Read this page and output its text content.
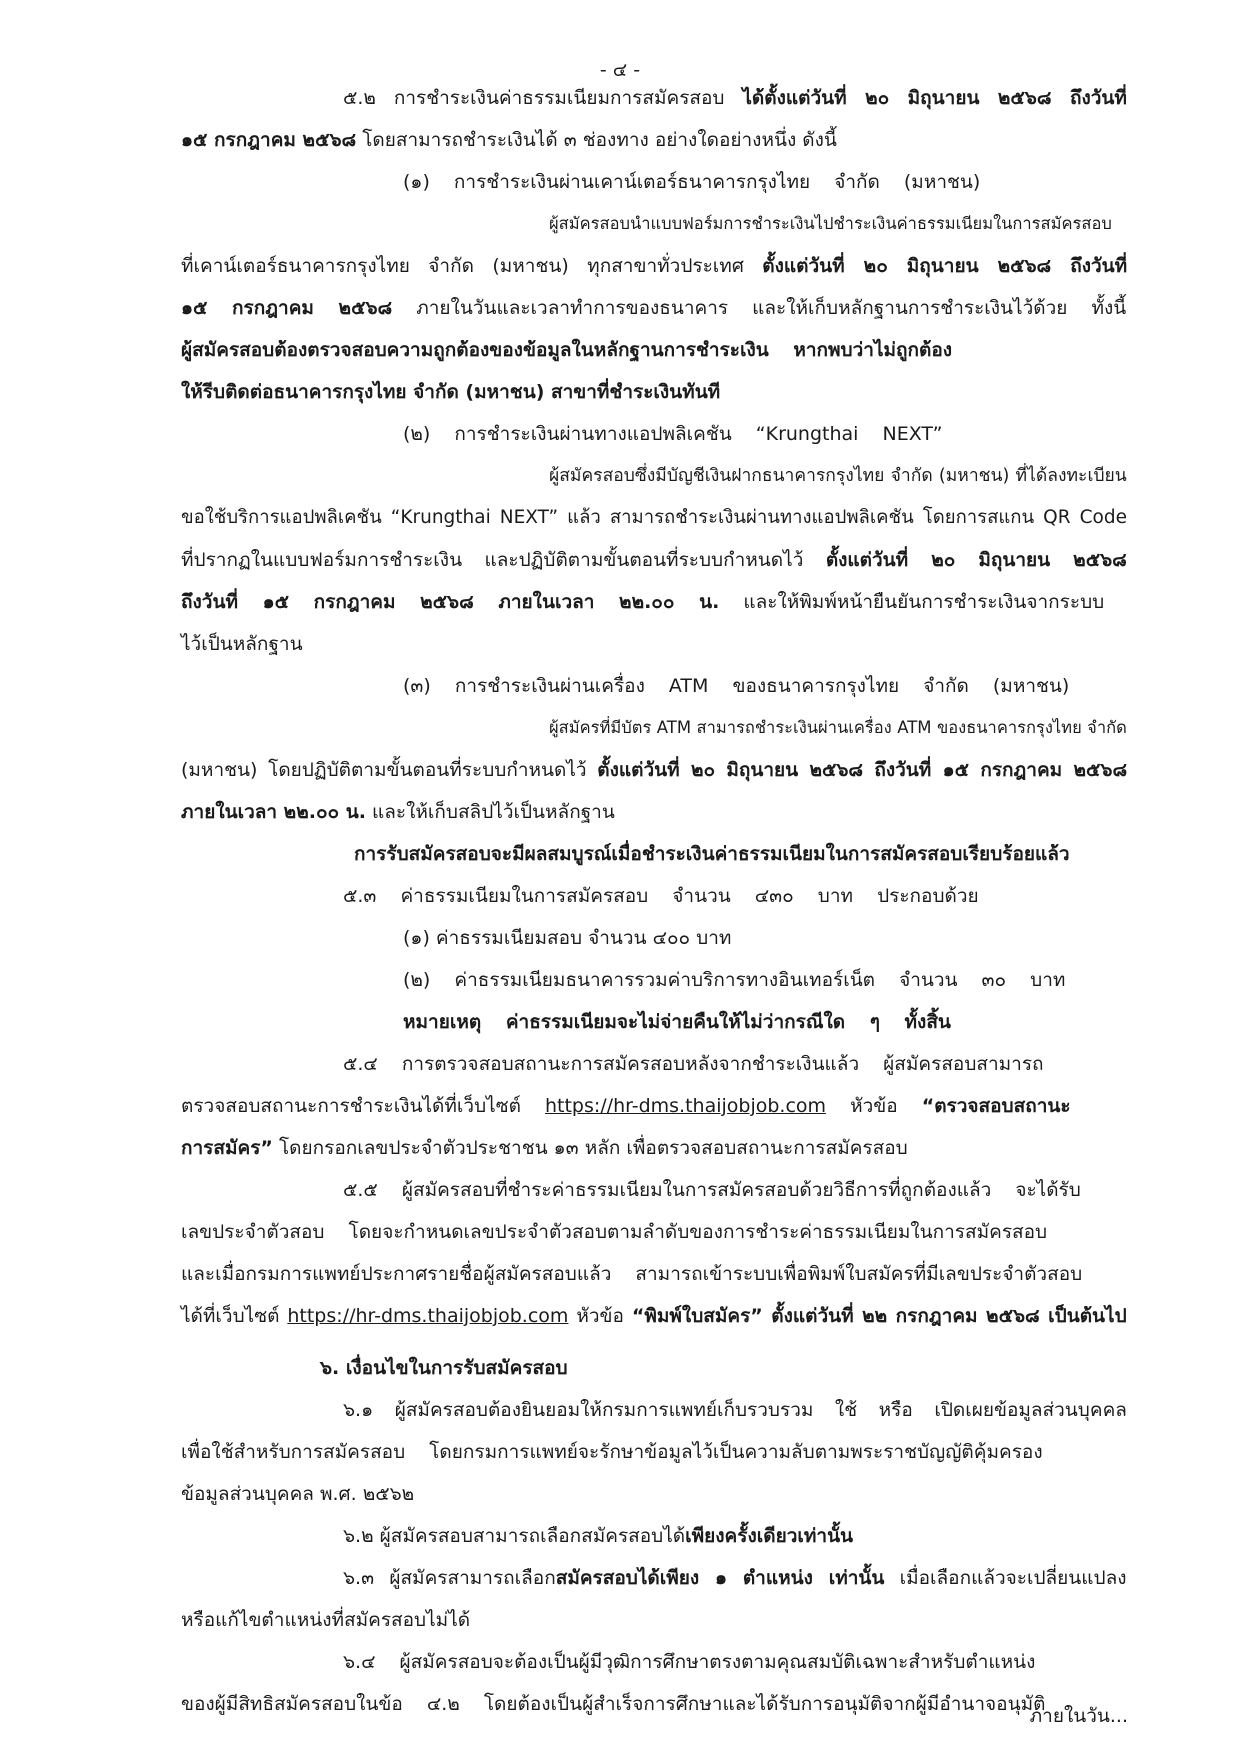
- ๔ -
๕.๒ การชำระเงินค่าธรรมเนียมการสมัครสอบ ได้ตั้งแต่วันที่ ๒๐ มิถุนายน ๒๕๖๘ ถึงวันที่
๑๕ กรกฎาคม ๒๕๖๘ โดยสามารถชำระเงินได้ ๓ ช่องทาง อย่างใดอย่างหนึ่ง ดังนี้
(๑) การชำระเงินผ่านเคาน์เตอร์ธนาคารกรุงไทย จำกัด (มหาชน)
ผู้สมัครสอบนำแบบฟอร์มการชำระเงินไปชำระเงินค่าธรรมเนียมในการสมัครสอบ
ที่เคาน์เตอร์ธนาคารกรุงไทย จำกัด (มหาชน) ทุกสาขาทั่วประเทศ ตั้งแต่วันที่ ๒๐ มิถุนายน ๒๕๖๘ ถึงวันที่
๑๕ กรกฎาคม ๒๕๖๘ ภายในวันและเวลาทำการของธนาคาร และให้เก็บหลักฐานการชำระเงินไว้ด้วย ทั้งนี้
ผู้สมัครสอบต้องตรวจสอบความถูกต้องของข้อมูลในหลักฐานการชำระเงิน หากพบว่าไม่ถูกต้อง
ให้รีบติดต่อธนาคารกรุงไทย จำกัด (มหาชน) สาขาที่ชำระเงินทันที
(๒) การชำระเงินผ่านทางแอปพลิเคชัน “Krungthai NEXT”
ผู้สมัครสอบซึ่งมีบัญชีเงินฝากธนาคารกรุงไทย จำกัด (มหาชน) ที่ได้ลงทะเบียน
ขอใช้บริการแอปพลิเคชัน “Krungthai NEXT” แล้ว สามารถชำระเงินผ่านทางแอปพลิเคชัน โดยการสแกน QR Code
ที่ปรากฏในแบบฟอร์มการชำระเงิน และปฏิบัติตามขั้นตอนที่ระบบกำหนดไว้ ตั้งแต่วันที่ ๒๐ มิถุนายน ๒๕๖๘
ถึงวันที่ ๑๕ กรกฎาคม ๒๕๖๘ ภายในเวลา ๒๒.๐๐ น. และให้พิมพ์หน้ายืนยันการชำระเงินจากระบบ
ไว้เป็นหลักฐาน
(๓) การชำระเงินผ่านเครื่อง ATM ของธนาคารกรุงไทย จำกัด (มหาชน)
ผู้สมัครที่มีบัตร ATM สามารถชำระเงินผ่านเครื่อง ATM ของธนาคารกรุงไทย จำกัด
(มหาชน) โดยปฏิบัติตามขั้นตอนที่ระบบกำหนดไว้ ตั้งแต่วันที่ ๒๐ มิถุนายน ๒๕๖๘ ถึงวันที่ ๑๕ กรกฎาคม ๒๕๖๘
ภายในเวลา ๒๒.๐๐ น. และให้เก็บสลิปไว้เป็นหลักฐาน
การรับสมัครสอบจะมีผลสมบูรณ์เมื่อชำระเงินค่าธรรมเนียมในการสมัครสอบเรียบร้อยแล้ว
๕.๓ ค่าธรรมเนียมในการสมัครสอบ จำนวน ๔๓๐ บาท ประกอบด้วย
(๑) ค่าธรรมเนียมสอบ จำนวน ๔๐๐ บาท
(๒) ค่าธรรมเนียมธนาคารรวมค่าบริการทางอินเทอร์เน็ต จำนวน ๓๐ บาท
หมายเหตุ ค่าธรรมเนียมจะไม่จ่ายคืนให้ไม่ว่ากรณีใด ๆ ทั้งสิ้น
๕.๔ การตรวจสอบสถานะการสมัครสอบหลังจากชำระเงินแล้ว ผู้สมัครสอบสามารถ
ตรวจสอบสถานะการชำระเงินได้ที่เว็บไซต์ https://hr-dms.thaijobjob.com หัวข้อ “ตรวจสอบสถานะ
การสมัคร” โดยกรอกเลขประจำตัวประชาชน ๑๓ หลัก เพื่อตรวจสอบสถานะการสมัครสอบ
๕.๕ ผู้สมัครสอบที่ชำระค่าธรรมเนียมในการสมัครสอบด้วยวิธีการที่ถูกต้องแล้ว จะได้รับ
เลขประจำตัวสอบ โดยจะกำหนดเลขประจำตัวสอบตามลำดับของการชำระค่าธรรมเนียมในการสมัครสอบ
และเมื่อกรมการแพทย์ประกาศรายชื่อผู้สมัครสอบแล้ว สามารถเข้าระบบเพื่อพิมพ์ใบสมัครที่มีเลขประจำตัวสอบ
ได้ที่เว็บไซต์ https://hr-dms.thaijobjob.com หัวข้อ “พิมพ์ใบสมัคร” ตั้งแต่วันที่ ๒๒ กรกฎาคม ๒๕๖๘ เป็นต้นไป
๖. เงื่อนไขในการรับสมัครสอบ
๖.๑ ผู้สมัครสอบต้องยินยอมให้กรมการแพทย์เก็บรวบรวม ใช้ หรือ เปิดเผยข้อมูลส่วนบุคคล
เพื่อใช้สำหรับการสมัครสอบ โดยกรมการแพทย์จะรักษาข้อมูลไว้เป็นความลับตามพระราชบัญญัติคุ้มครอง
ข้อมูลส่วนบุคคล พ.ศ. ๒๕๖๒
๖.๒ ผู้สมัครสอบสามารถเลือกสมัครสอบได้เพียงครั้งเดียวเท่านั้น
๖.๓ ผู้สมัครสามารถเลือกสมัครสอบได้เพียง ๑ ตำแหน่ง เท่านั้น เมื่อเลือกแล้วจะเปลี่ยนแปลง
หรือแก้ไขตำแหน่งที่สมัครสอบไม่ได้
๖.๔ ผู้สมัครสอบจะต้องเป็นผู้มีวุฒิการศึกษาตรงตามคุณสมบัติเฉพาะสำหรับตำแหน่ง
ของผู้มีสิทธิสมัครสอบในข้อ ๔.๒ โดยต้องเป็นผู้สำเร็จการศึกษาและได้รับการอนุมัติจากผู้มีอำนาจอนุมัติ
ภายในวัน...
